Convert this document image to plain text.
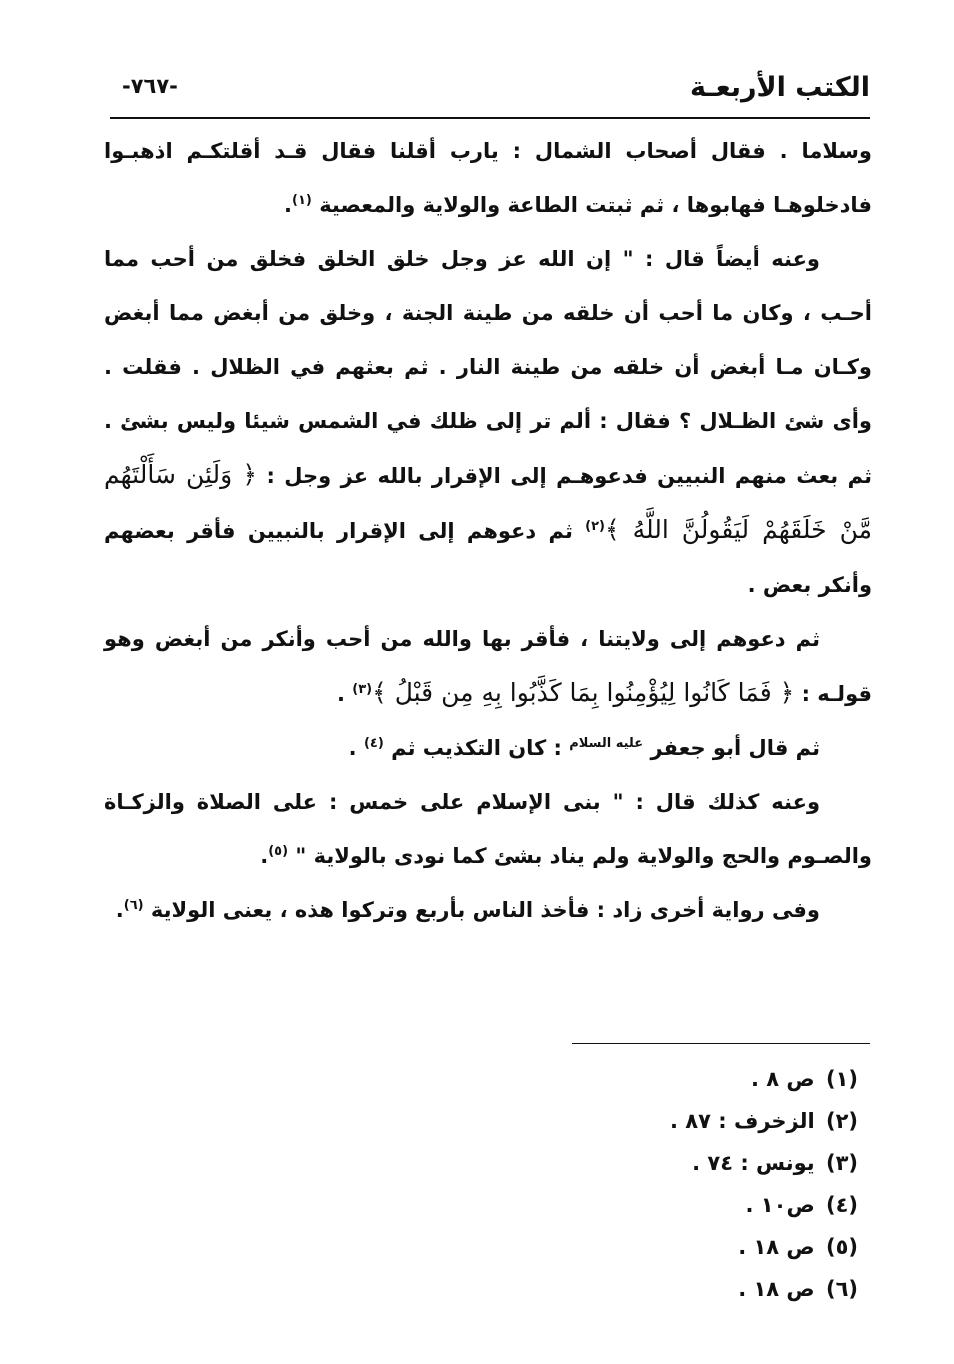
الكتب الأربعـة
-٧٦٧-

وسلاما . فقال أصحاب الشمال : يارب أقلنا فقال قـد أقلتكـم اذهبـوا فادخلوهـا فهابوها ، ثم ثبتت الطاعة والولاية والمعصية $^{(١)}$.

وعنه أيضاً قال : " إن الله عز وجل خلق الخلق فخلق من أحب مما أحـب ، وكان ما أحب أن خلقه من طينة الجنة ، وخلق من أبغض مما أبغض وكـان مـا أبغض أن خلقه من طينة النار . ثم بعثهم في الظلال . فقلت . وأى شئ الظـلال ؟ فقال : ألم تر إلى ظلك في الشمس شيئا وليس بشئ . ثم بعث منهم النبيين فدعوهـم إلى الإقرار بالله عز وجل : ﴿ وَلَئِن سَأَلْتَهُم مَّنْ خَلَقَهُمْ لَيَقُولُنَّ اللَّهُ ﴾$^{(٢)}$ ثم دعوهم إلى الإقرار بالنبيين فأقر بعضهم وأنكر بعض .

ثم دعوهم إلى ولايتنا ، فأقر بها والله من أحب وأنكر من أبغض وهو قولـه : ﴿ فَمَا كَانُوا لِيُؤْمِنُوا بِمَا كَذَّبُوا بِهِ مِن قَبْلُ ﴾$^{(٣)}$ .

ثم قال أبو جعفر $^{عليه السلام}$ : كان التكذيب ثم $^{(٤)}$ .

وعنه كذلك قال : " بنى الإسلام على خمس : على الصلاة والزكـاة والصـوم والحج والولاية ولم يناد بشئ كما نودى بالولاية " $^{(٥)}$.

وفى رواية أخرى زاد : فأخذ الناس بأربع وتركوا هذه ، يعنى الولاية $^{(٦)}$.

(١) ص ٨ .
(٢) الزخرف : ٨٧ .
(٣) يونس : ٧٤ .
(٤) ص١٠ .
(٥) ص ١٨ .
(٦) ص ١٨ .
